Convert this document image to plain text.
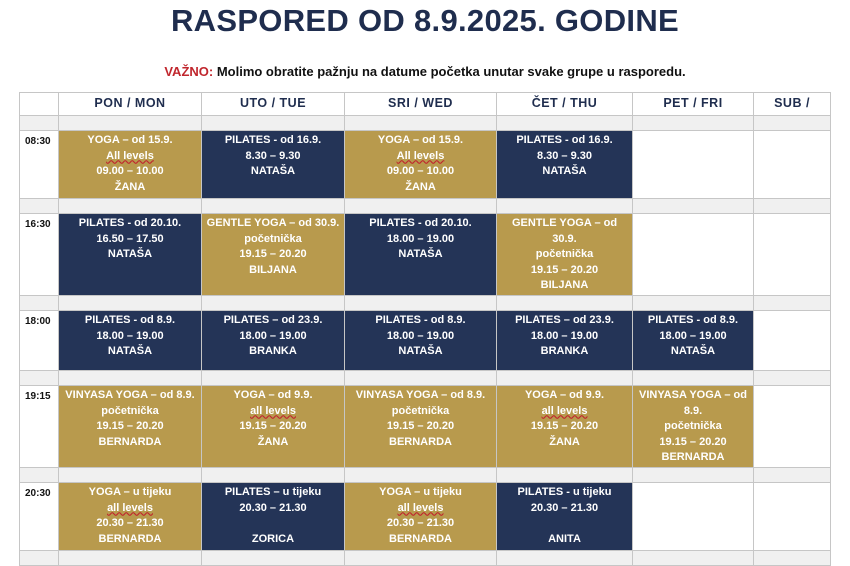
RASPORED OD 8.9.2025. GODINE
VAŽNO: Molimo obratite pažnju na datume početka unutar svake grupe u rasporedu.
	PON / MON	UTO / TUE	SRI / WED	ČET / THU	PET / FRI	SUB /

08:30	YOGA – od 15.9.
All levels
09.00 – 10.00
ŽANA	PILATES - od 16.9.
8.30 – 9.30
NATAŠA	YOGA – od 15.9.
All levels
09.00 – 10.00
ŽANA	PILATES - od 16.9.
8.30 – 9.30
NATAŠA		

16:30	PILATES - od 20.10.
16.50 – 17.50
NATAŠA	GENTLE YOGA – od 30.9.
početnička
19.15 – 20.20
BILJANA	PILATES - od 20.10.
18.00 – 19.00
NATAŠA	GENTLE YOGA – od
30.9.
početnička
19.15 – 20.20
BILJANA		

18:00	PILATES - od 8.9.
18.00 – 19.00
NATAŠA	PILATES – od 23.9.
18.00 – 19.00
BRANKA	PILATES - od 8.9.
18.00 – 19.00
NATAŠA	PILATES – od 23.9.
18.00 – 19.00
BRANKA	PILATES - od 8.9.
18.00 – 19.00
NATAŠA	

19:15	VINYASA YOGA – od 8.9.
početnička
19.15 – 20.20
BERNARDA	YOGA – od 9.9.
all levels
19.15 – 20.20
ŽANA	VINYASA YOGA – od 8.9.
početnička
19.15 – 20.20
BERNARDA	YOGA – od 9.9.
all levels
19.15 – 20.20
ŽANA	VINYASA YOGA – od
8.9.
početnička
19.15 – 20.20
BERNARDA	

20:30	YOGA – u tijeku
all levels
20.30 – 21.30
BERNARDA	PILATES – u tijeku
20.30 – 21.30
ZORICA	YOGA – u tijeku
all levels
20.30 – 21.30
BERNARDA	PILATES - u tijeku
20.30 – 21.30
ANITA		
